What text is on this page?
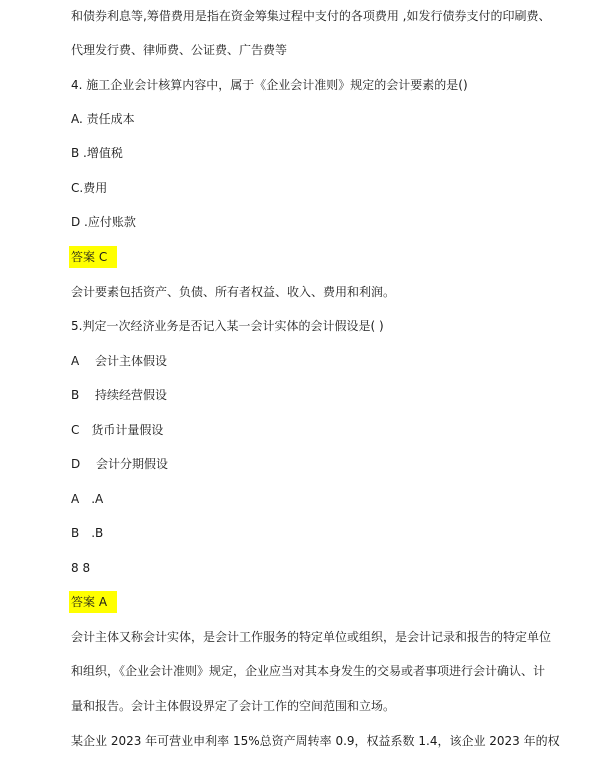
和债券利息等,筹借费用是指在资金筹集过程中支付的各项费用 ,如发行债券支付的印刷费、
代理发行费、律师费、公证费、广告费等
4. 施工企业会计核算内容中，属于《企业会计准则》规定的会计要素的是()
A. 责任成本
B .增值税
C.费用
D .应付账款
答案 C
会计要素包括资产、负债、所有者权益、收入、费用和利润。
5.判定一次经济业务是否记入某一会计实体的会计假设是( )
A　 会计主体假设
B　 持续经营假设
C　货币计量假设
D　 会计分期假设
A　.A
B　.B
8 8
答案 A
会计主体又称会计实体，是会计工作服务的特定单位或组织，是会计记录和报告的特定单位
和组织，《企业会计准则》规定，企业应当对其本身发生的交易或者事项进行会计确认、计
量和报告。会计主体假设界定了会计工作的空间范围和立场。
某企业 2023 年可营业申利率 15%总资产周转率 0.9，权益系数 1.4，该企业 2023 年的权
